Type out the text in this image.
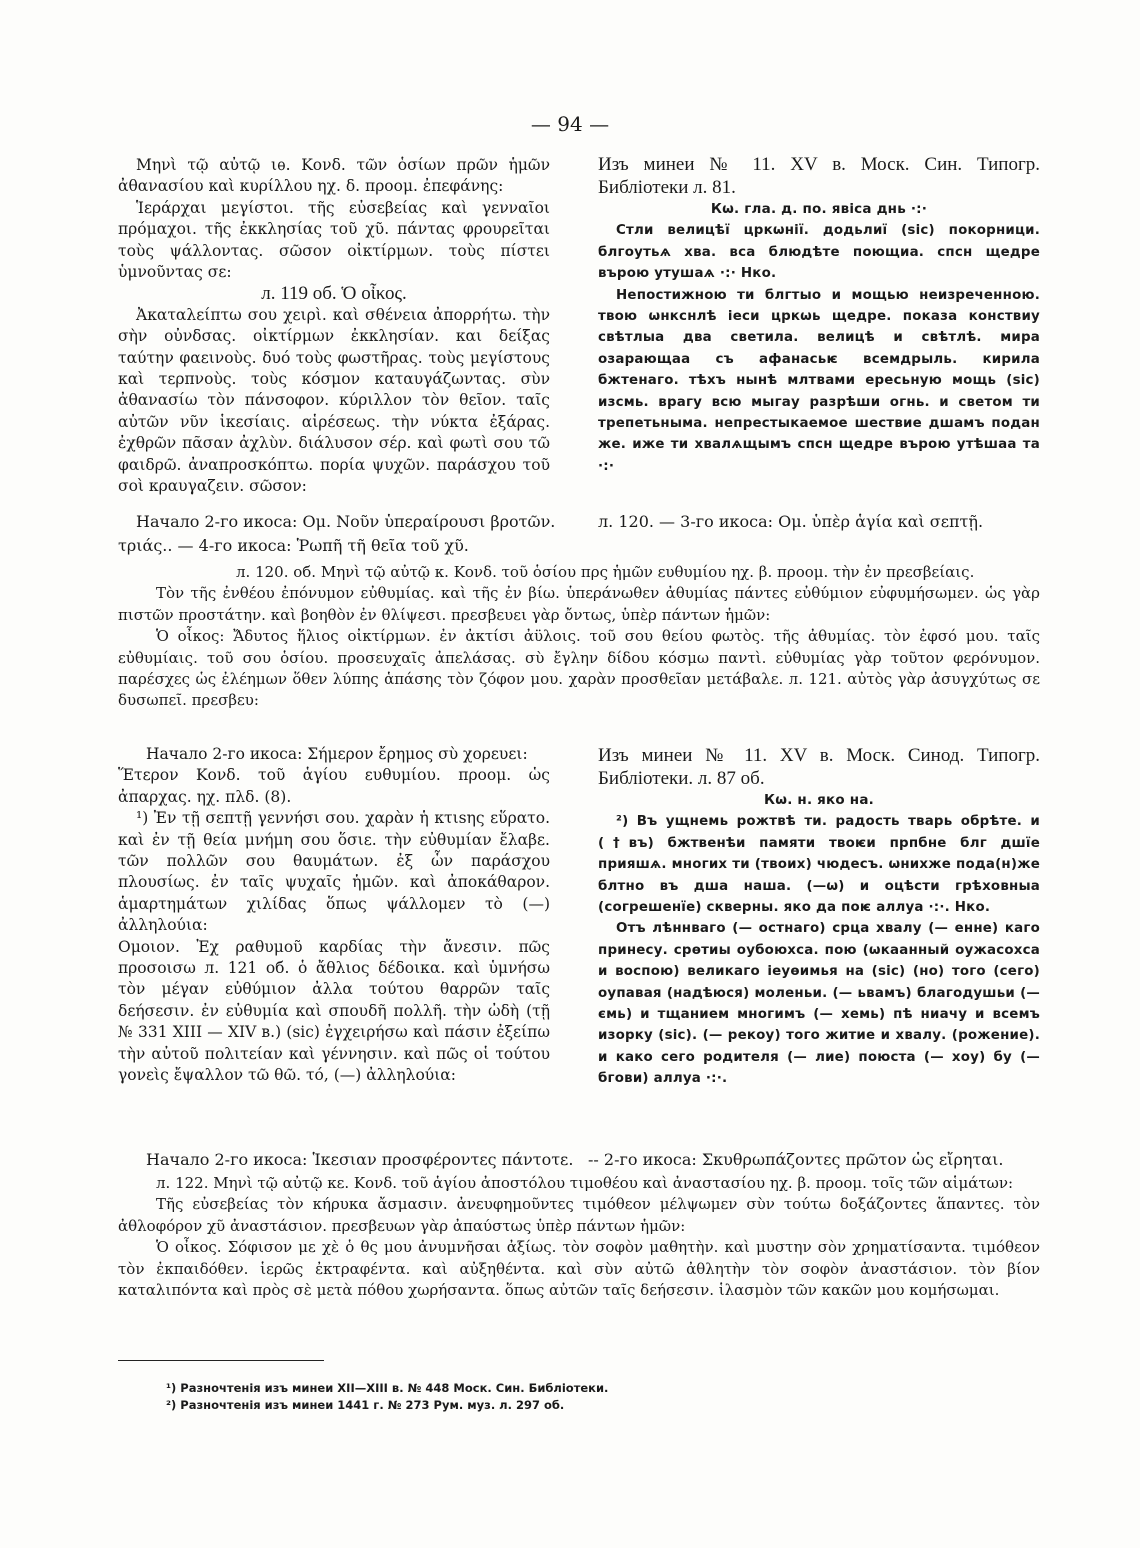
— 94 —

Μηνὶ τῷ αὐτῷ ιѳ. Κονδ. τῶν ὁσίων πρῶν ἡμῶν ἀθανασίου καὶ κυρίλλου ηχ. δ. προομ. ἐπεφάνης:

Ἱεράρχαι μεγίστοι. τῆς εὐσεβείας καὶ γενναῖοι πρόμαχοι. τῆς ἐκκλησίας τοῦ χῦ. πάντας φρουρεῖται τοὺς ψάλλοντας. σῶσον οἰκτίρμων. τοὺς πίστει ὑμνοῦντας σε:

л. 119 об. Ὁ οἶκος.

Ἀκαταλείπτω σου χειρὶ. καὶ σθένεια ἀπορρήτω. τὴν σὴν οὐνδσας. οἰκτίρμων ἐκκλησίαν. και δείξας ταύτην φαεινοὺς. δυό τοὺς φωστῆρας. τοὺς μεγίστους καὶ τερπνοὺς. τοὺς κόσμον καταυγάζωντας. σὺν ἀθανασίω τὸν πάνσοφον. κύριλλον τὸν θεῖον. ταῖς αὐτῶν νῦν ἱκεσίαις. αἱρέσεως. τὴν νύκτα ἐξάρας. ἐχθρῶν πᾶσαν ἀχλὺν. διάλυσον σέρ. καὶ φωτὶ σου τῶ φαιδρῶ. ἀναπροσκόπτω. πορία ψυχῶν. παράσχου τοῦ σοὶ κραυγαζειν. σῶσον:

Изъ минеи № 11. XV в. Моск. Син. Типогр. Библіотеки л. 81.

Кѡ. гла. д. по. явіса днь ·:·

Стли велицѣї цркѡнії. додьлиї (sic) покорници. блгоутьѧ хва. вса блюдѣте поющиа. спсн щедре върою утушаѧ ·:· Нко.

Непостижною ти блгтыо и мощью неизреченною. твою ѡнкснлѣ іеси цркѡь щедре. показа конствиу свѣтлыа два светила. велицѣ и свѣтлѣ. мира озарающаа съ афанасьѥ всемдрыль. кирила бжтенаго. тѣхъ нынѣ млтвами ересьную мощь (sic) изсмь. врагу всю мыгау разрѣши огнь. и светом ти трепетьныма. непрестыкаемое шествие дшамъ подан же. иже ти хвалѧщымъ спсн щедре върою утѣшаа та ·:·

Начало 2-го икоса: Ομ. Νοῦν ὑπεραίρουσι βροτῶν.	л. 120. — 3-го икоса: Ομ. ὑπὲρ ἁγία καὶ σεπτῇ.
τριάς.. — 4-го икоса: Ῥωπῆ τῆ θεῖα τοῦ χῦ.

л. 120. об. Μηνὶ τῷ αὐτῷ κ. Κονδ. τοῦ ὁσίου πρς ἡμῶν ευθυμίου ηχ. β. προομ. τὴν ἐν πρεσβείαις.

Τὸν τῆς ἐνθέου ἐπόνυμον εὐθυμίας. καὶ τῆς ἐν βίω. ὑπεράνωθεν ἀθυμίας πάντες εὐθύμιον εὐφυμήσωμεν. ὡς γὰρ πιστῶν προστάτην. καὶ βοηθὸν ἐν θλίψεσι. πρεσβευει γὰρ ὄντως, ὑπὲρ πάντων ἡμῶν:

Ὁ οἶκος: Ἄδυτος ἥλιος οἰκτίρμων. ἐν ἀκτίσι ἀϋλοις. τοῦ σου θείου φωτὸς. τῆς ἀθυμίας. τὸν ἐφσό μου. ταῖς εὐθυμίαις. τοῦ σου ὁσίου. προσευχαῖς ἀπελάσας. σὺ ἔγλην δίδου κόσμω παντὶ. εὐθυμίας γὰρ τοῦτον φερόνυμον. παρέσχες ὡς ἐλέημων ὅθεν λύπης ἁπάσης τὸν ζόφον μου. χαρὰν προσθεῖαν μετάβαλε. л. 121. αὐτὸς γὰρ ἀσυγχύτως σε δυσωπεῖ. πρεσβευ:

Начало 2-го икоса: Σήμερον ἔρημος σὺ χορευει:

Ἕτερον Κονδ. τοῦ ἁγίου ευθυμίου. προομ. ὡς ἀπαρχας. ηχ. πλδ. (8).

¹) Ἐν τῇ σεπτῇ γεννήσι σου. χαρὰν ἡ κτιsης εὕρατο. καὶ ἐν τῇ θεία μνήμη σου ὅσιε. τὴν εὐθυμίαν ἔλαβε. τῶν πολλῶν σου θαυμάτων. ἐξ ὧν παράσχου πλουσίως. ἐν ταῖς ψυχαῖς ἡμῶν. καὶ ἀποκάθαρον. ἁμαρτημάτων χιλίδας ὅπως ψάλλομεν τὸ (—) ἀλληλούια:

Ομοιον. Ἐχ ραθυμοῦ καρδίας τὴν ἄνεσιν. πῶς προσοισω л. 121 об. ὁ ἄθλιος δέδοικα. καὶ ὑμνήσω τὸν μέγαν εὐθύμιον ἀλλα τούτου θαρρῶν ταῖς δεήσεσιν. ἐν εὐθυμία καὶ σπουδῆ πολλῆ. τὴν ὠδὴ (τῇ № 331 XIII — XIV в.) (sic) ἐγχειρήσω καὶ πάσιν ἐξείπω τὴν αὐτοῦ πολιτείαν καὶ γέννησιν. καὶ πῶς οἱ τούτου γονεὶς ἔψαλλον τῶ θῶ. τό, (—) ἀλληλούια:

Изъ минеи № 11. XV в. Моск. Синод. Типогр. Библіотеки. л. 87 об.

Кѡ. н. яко на.

²) Въ ущнемь рожтвѣ ти. радость тварь обрѣте. и (†въ) бжтвенѣи памяти твоѥи прпбне блг дшїе прияшѧ. многих ти (твоих) чюдесъ. ѡнихже пода(н)же блтно въ дша наша. (—ѡ) и оцѣсти грѣховныа (согрешенїе) скверны. яко да поѥ аллуа ·:·. Нко.

Отъ лѣннваго (— остнаго) срца хвалу (— енне) каго принесу. срѳтиы оубоюхса. пою (ѡкаанный оужасохса и воспою) великаго іеуѳимья на (sic) (но) того (сего) оупавая (надѣюся) моленьи. (— ьвамъ) благодушьи (— ємь) и тщанием многимъ (— хемь) пѣ ниачу и всемъ изорку (sic). (— рекоу) того житие и хвалу. (рожение). и како сего родителя (— лие) поюста (— хоу) бу (— бгови) аллуа ·:·.

Начало 2-го икоса: Ἱκεσιαν προσφέροντες πάντοτε. -- 2-го икоса: Σκυθρωπάζοντες πρῶτον ὡς εἴρηται.

л. 122. Μηνὶ τῷ αὐτῷ κε. Κονδ. τοῦ ἁγίου ἀποστόλου τιμοθέου καὶ ἀναστασίου ηχ. β. προομ. τοῖς τῶν αἱμάτων:

Τῆς εὐσεβείας τὸν κήρυκα ἄσμασιν. ἀνευφημοῦντες τιμόθεον μέλψωμεν σὺν τούτω δοξάζοντες ἅπαντες. τὸν ἀθλοφόρον χῦ ἀναστάσιον. πρεσβευων γὰρ ἀπαύστως ὑπὲρ πάντων ἡμῶν:

Ὁ οἶκος. Σόφισον με χὲ ὁ θς μου ἀνυμνῆσαι ἀξίως. τὸν σοφὸν μαθητὴν. καὶ μυστην σὸν χρηματίσαντα. τιμόθεον τὸν ἐκπαιδόθεν. ἱερῶς ἐκτραφέντα. καὶ αὐξηθέντα. καὶ σὺν αὐτῶ ἀθλητὴν τὸν σοφὸν ἀναστάσιον. τὸν βίον καταλιπόντα καὶ πρὸς σὲ μετὰ πόθου χωρήσαντα. ὅπως αὐτῶν ταῖς δεήσεσιν. ἱλασμὸν τῶν κακῶν μου κομήσωμαι.

¹) Разночтенія изъ минеи XII—XIII в. № 448 Моск. Син. Библіотеки.
²) Разночтенія изъ минеи 1441 г. № 273 Рум. муз. л. 297 об.
